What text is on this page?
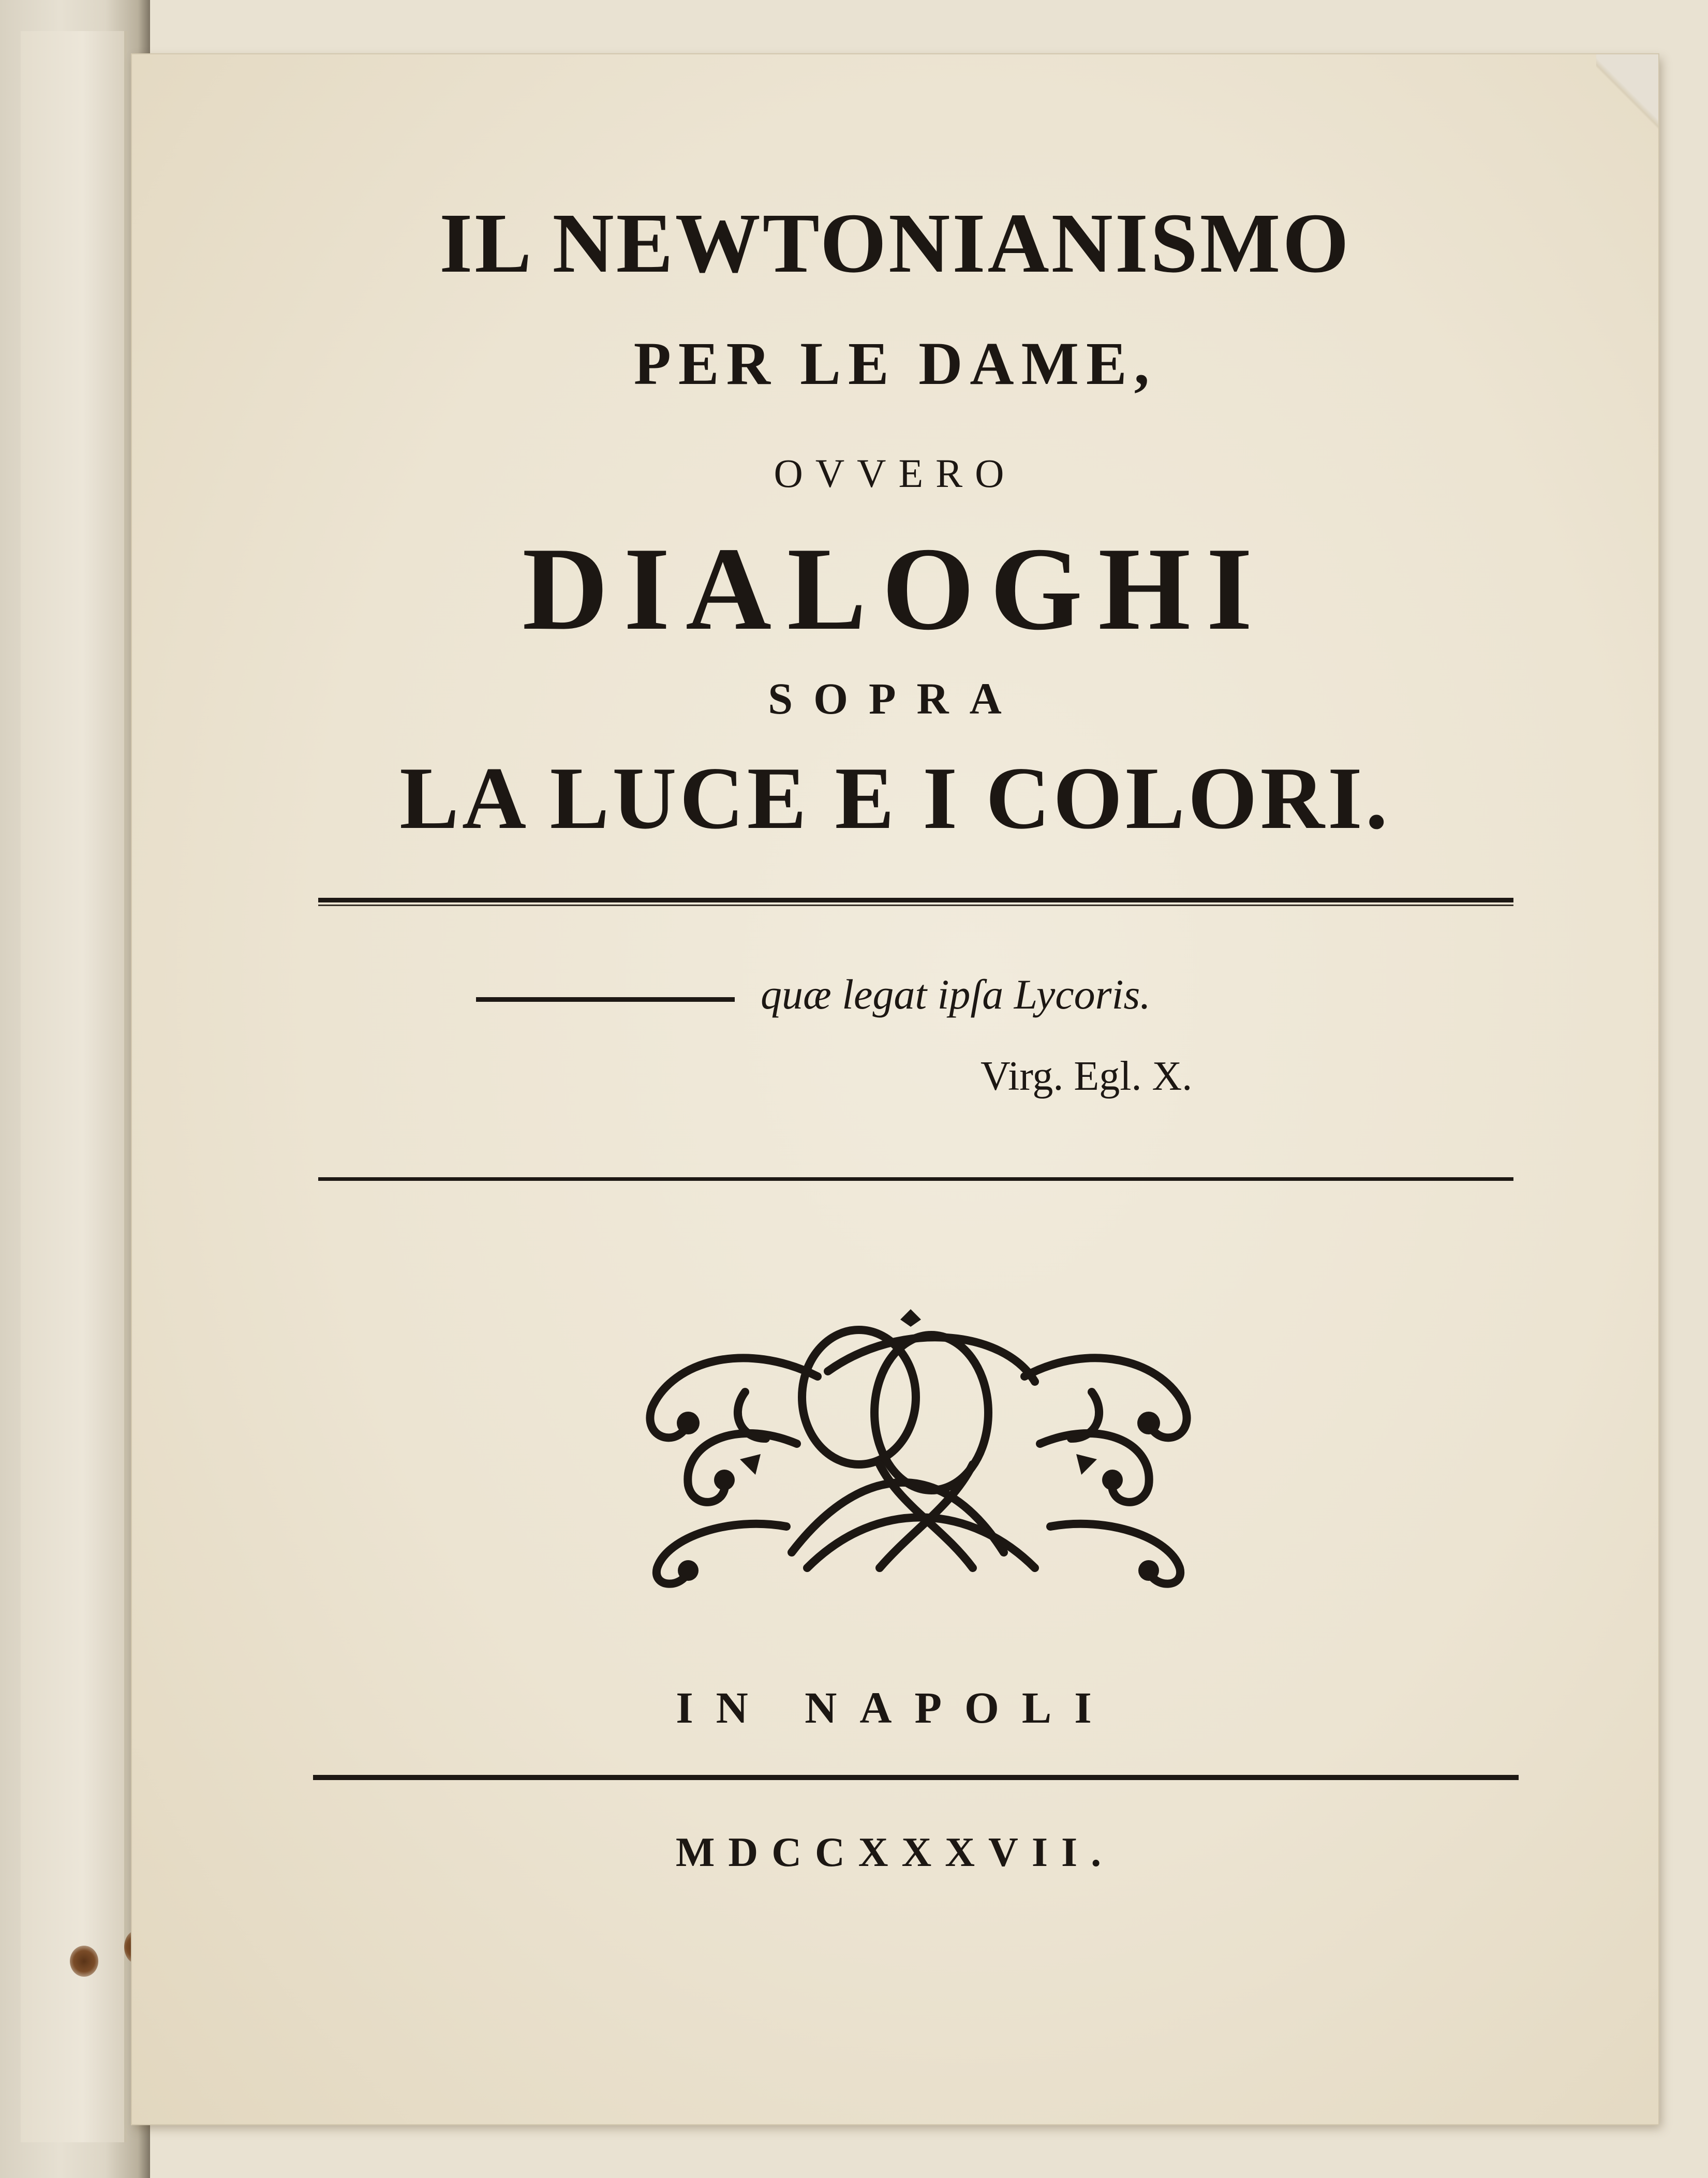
IL NEWTONIANISMO
PER LE DAME,
OVVERO
DIALOGHI
SOPRA
LA LUCE E I COLORI.
quæ legat ipſa Lycoris.
Virg. Egl. X.
IN NAPOLI
MDCCXXXVII.
